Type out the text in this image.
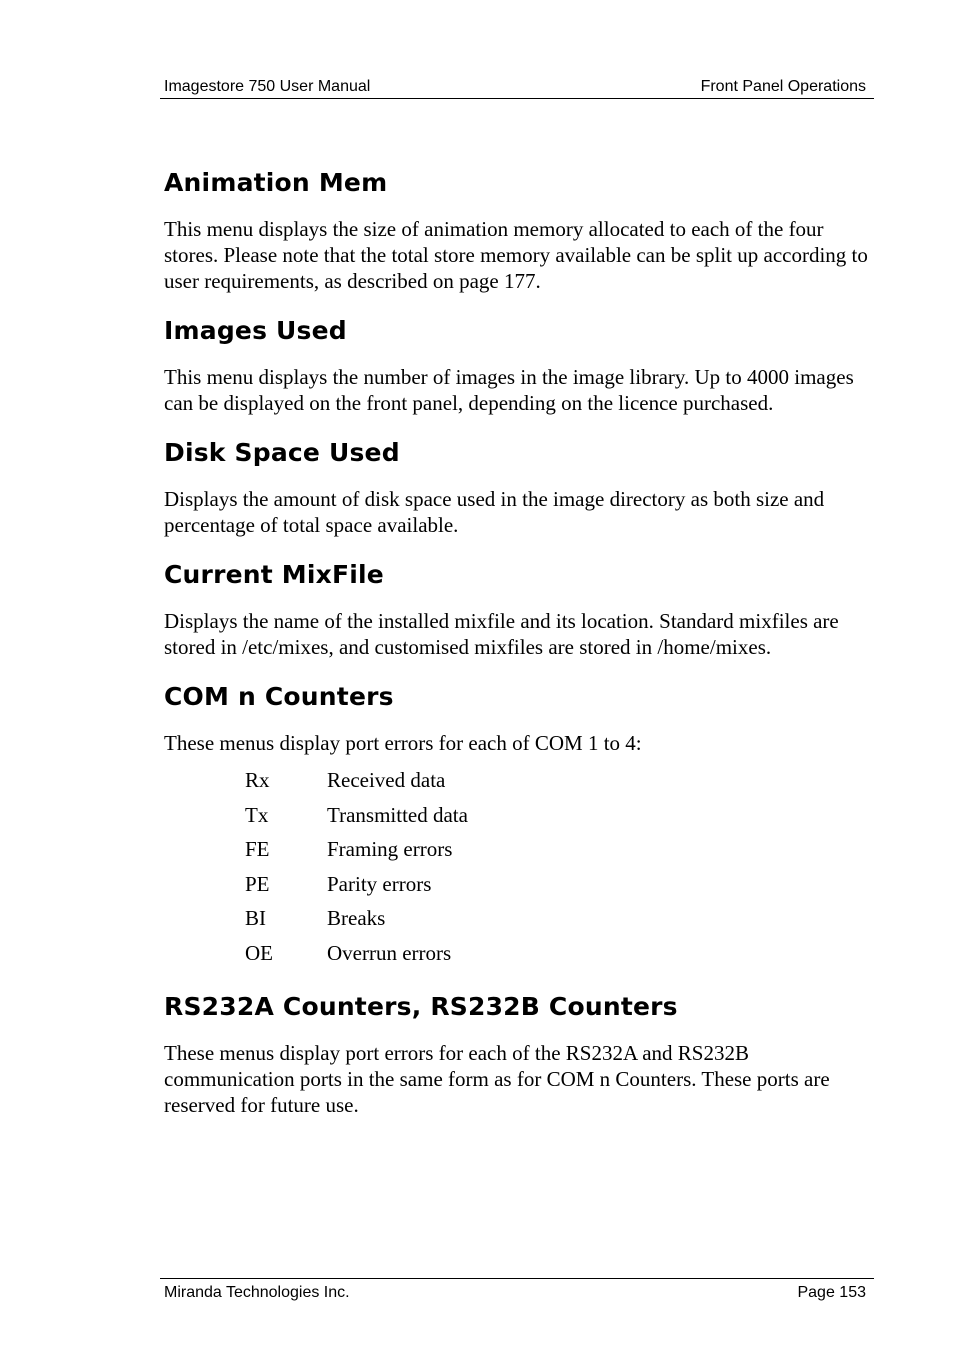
Imagestore 750 User Manual	Front Panel Operations
Animation Mem

This menu displays the size of animation memory allocated to each of the four stores. Please note that the total store memory available can be split up according to user requirements, as described on page 177.

Images Used

This menu displays the number of images in the image library. Up to 4000 images can be displayed on the front panel, depending on the licence purchased.

Disk Space Used

Displays the amount of disk space used in the image directory as both size and percentage of total space available.

Current MixFile

Displays the name of the installed mixfile and its location. Standard mixfiles are stored in /etc/mixes, and customised mixfiles are stored in /home/mixes.

COM n Counters

These menus display port errors for each of COM 1 to 4:

Rx	Received data
Tx	Transmitted data
FE	Framing errors
PE	Parity errors
BI	Breaks
OE	Overrun errors
RS232A Counters, RS232B Counters

These menus display port errors for each of the RS232A and RS232B communication ports in the same form as for COM n Counters. These ports are reserved for future use.

Miranda Technologies Inc.	Page 153
